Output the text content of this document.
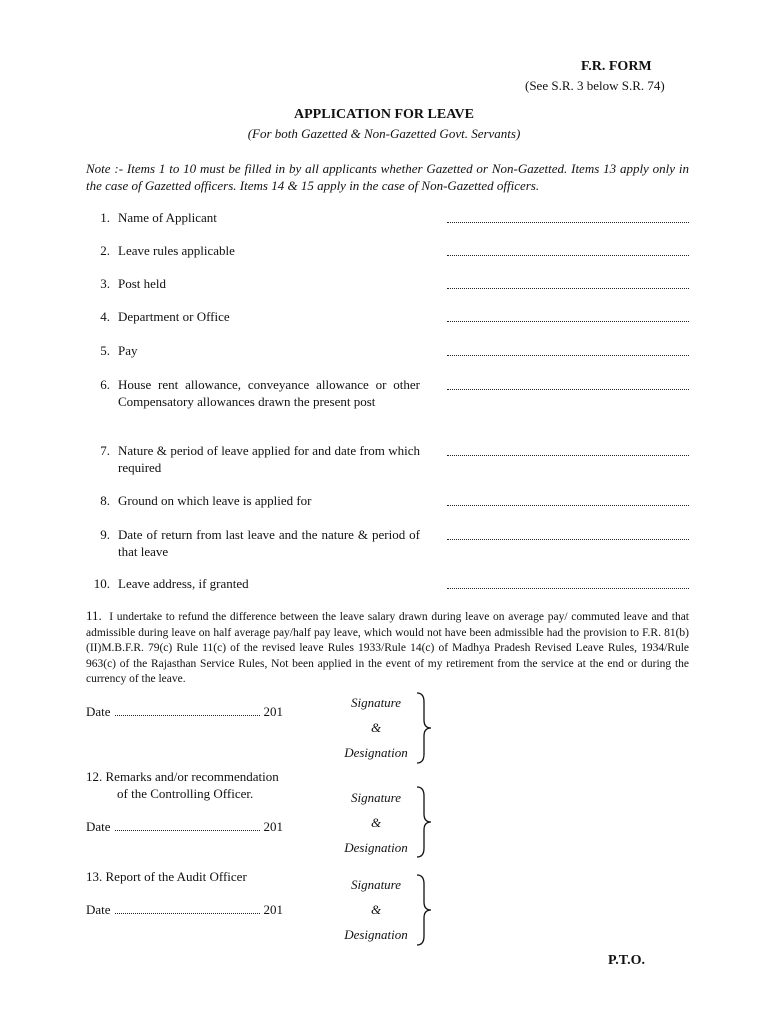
F.R. FORM
(See S.R. 3 below S.R. 74)
APPLICATION FOR LEAVE
(For both Gazetted & Non-Gazetted Govt. Servants)
Note :- Items 1 to 10 must be filled in by all applicants whether Gazetted or Non-Gazetted. Items 13 apply only in the case of Gazetted officers. Items 14 & 15 apply in the case of Non-Gazetted officers.
1. Name of Applicant
2. Leave rules applicable
3. Post held
4. Department or Office
5. Pay
6. House rent allowance, conveyance allowance or other Compensatory allowances drawn the present post
7. Nature & period of leave applied for and date from which required
8. Ground on which leave is applied for
9. Date of return from last leave and the nature & period of that leave
10. Leave address, if granted
11. I undertake to refund the difference between the leave salary drawn during leave on average pay/ commuted leave and that admissible during leave on half average pay/half pay leave, which would not have been admissible had the provision to F.R. 81(b)(II)M.B.F.R. 79(c) Rule 11(c) of the revised leave Rules 1933/Rule 14(c) of Madhya Pradesh Revised Leave Rules, 1934/Rule 963(c) of the Rajasthan Service Rules, Not been applied in the event of my retirement from the service at the end or during the currency of the leave.
Date	201
Signature
&
Designation
12. Remarks and/or recommendation
of the Controlling Officer.
Date	201
Signature
&
Designation
13. Report of the Audit Officer
Date	201
Signature
&
Designation
P.T.O.
